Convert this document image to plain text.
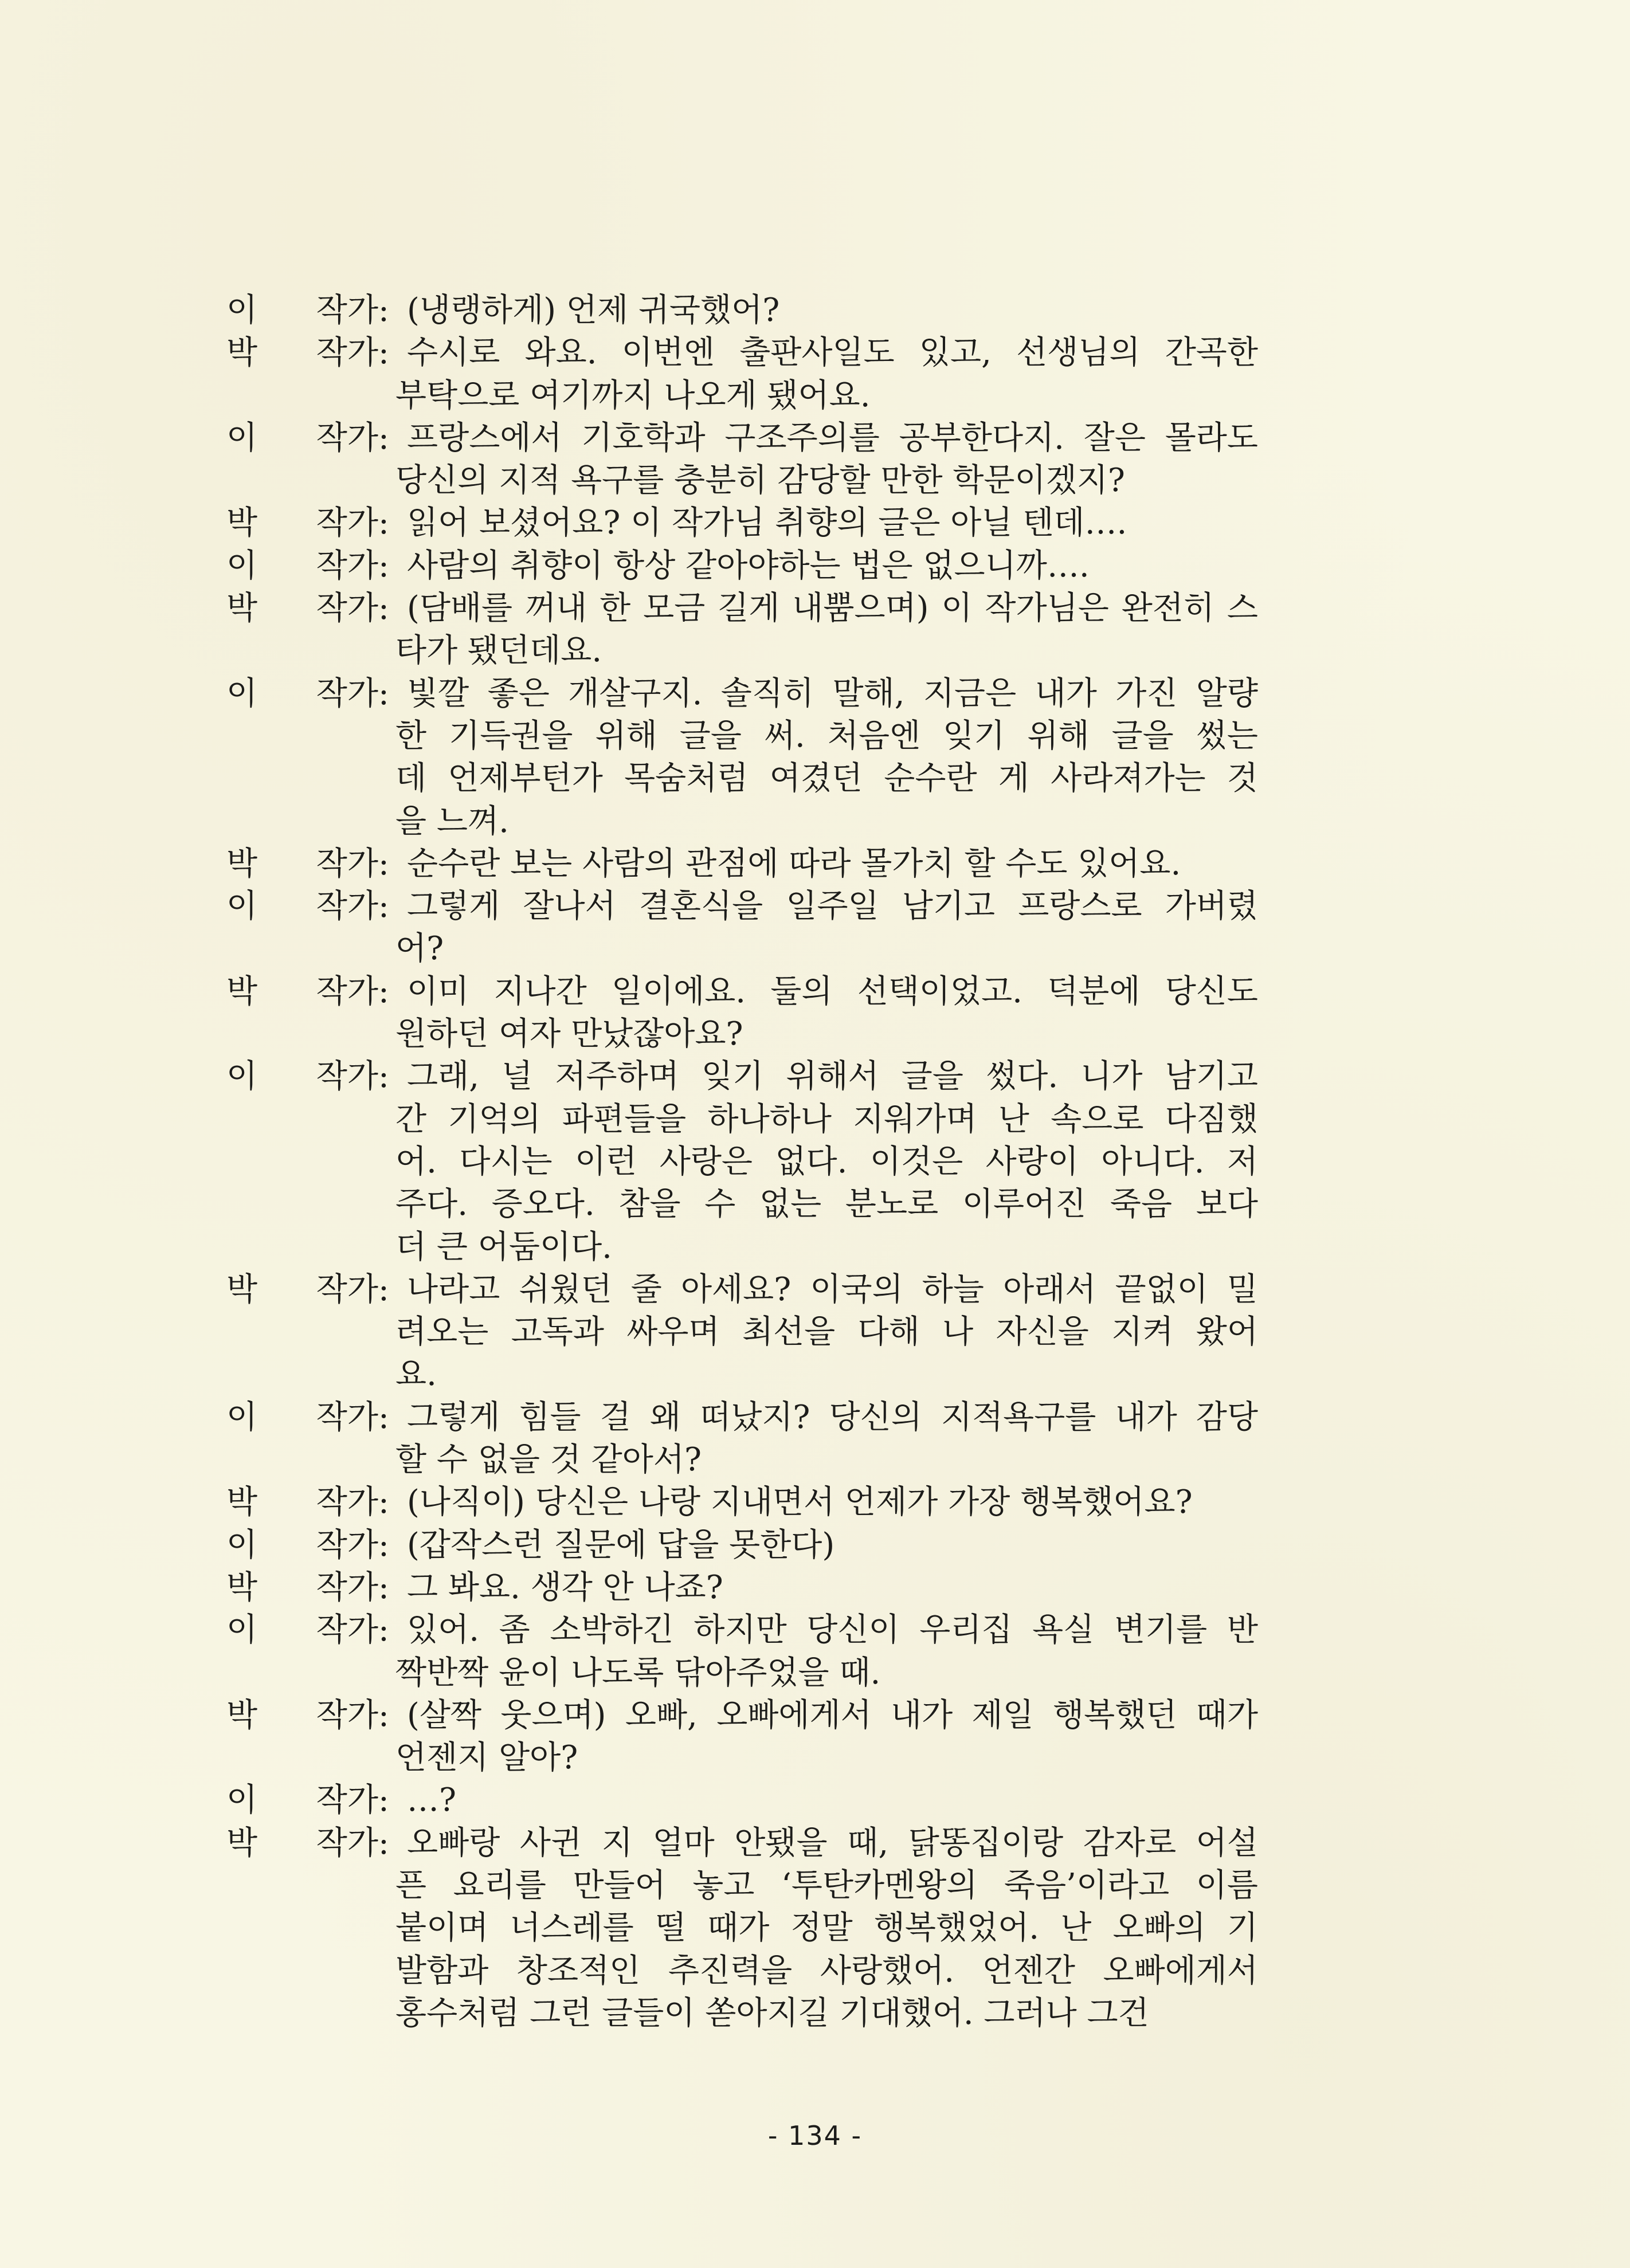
이 작가 : (냉랭하게) 언제 귀국했어?
박 작가 : 수시로 와요. 이번엔 출판사일도 있고, 선생님의 간곡한
부탁으로 여기까지 나오게 됐어요.
이 작가 : 프랑스에서 기호학과 구조주의를 공부한다지. 잘은 몰라도
당신의 지적 욕구를 충분히 감당할 만한 학문이겠지?
박 작가 : 읽어 보셨어요? 이 작가님 취향의 글은 아닐 텐데….
이 작가 : 사람의 취향이 항상 같아야하는 법은 없으니까….
박 작가 : (담배를 꺼내 한 모금 길게 내뿜으며) 이 작가님은 완전히 스
타가 됐던데요.
이 작가 : 빛깔 좋은 개살구지. 솔직히 말해, 지금은 내가 가진 알량
한 기득권을 위해 글을 써. 처음엔 잊기 위해 글을 썼는
데 언제부턴가 목숨처럼 여겼던 순수란 게 사라져가는 것
을 느껴.
박 작가 : 순수란 보는 사람의 관점에 따라 몰가치 할 수도 있어요.
이 작가 : 그렇게 잘나서 결혼식을 일주일 남기고 프랑스로 가버렸
어?
박 작가 : 이미 지나간 일이에요. 둘의 선택이었고. 덕분에 당신도
원하던 여자 만났잖아요?
이 작가 : 그래, 널 저주하며 잊기 위해서 글을 썼다. 니가 남기고
간 기억의 파편들을 하나하나 지워가며 난 속으로 다짐했
어. 다시는 이런 사랑은 없다. 이것은 사랑이 아니다. 저
주다. 증오다. 참을 수 없는 분노로 이루어진 죽음 보다
더 큰 어둠이다.
박 작가 : 나라고 쉬웠던 줄 아세요? 이국의 하늘 아래서 끝없이 밀
려오는 고독과 싸우며 최선을 다해 나 자신을 지켜 왔어
요.
이 작가 : 그렇게 힘들 걸 왜 떠났지? 당신의 지적욕구를 내가 감당
할 수 없을 것 같아서?
박 작가 : (나직이) 당신은 나랑 지내면서 언제가 가장 행복했어요?
이 작가 : (갑작스런 질문에 답을 못한다)
박 작가 : 그 봐요. 생각 안 나죠?
이 작가 : 있어. 좀 소박하긴 하지만 당신이 우리집 욕실 변기를 반
짝반짝 윤이 나도록 닦아주었을 때.
박 작가 : (살짝 웃으며) 오빠, 오빠에게서 내가 제일 행복했던 때가
언젠지 알아?
이 작가 : …?
박 작가 : 오빠랑 사귄 지 얼마 안됐을 때, 닭똥집이랑 감자로 어설
픈 요리를 만들어 놓고 ‘투탄카멘왕의 죽음’이라고 이름
붙이며 너스레를 떨 때가 정말 행복했었어. 난 오빠의 기
발함과 창조적인 추진력을 사랑했어. 언젠간 오빠에게서
홍수처럼 그런 글들이 쏟아지길 기대했어. 그러나 그건
- 134 -
